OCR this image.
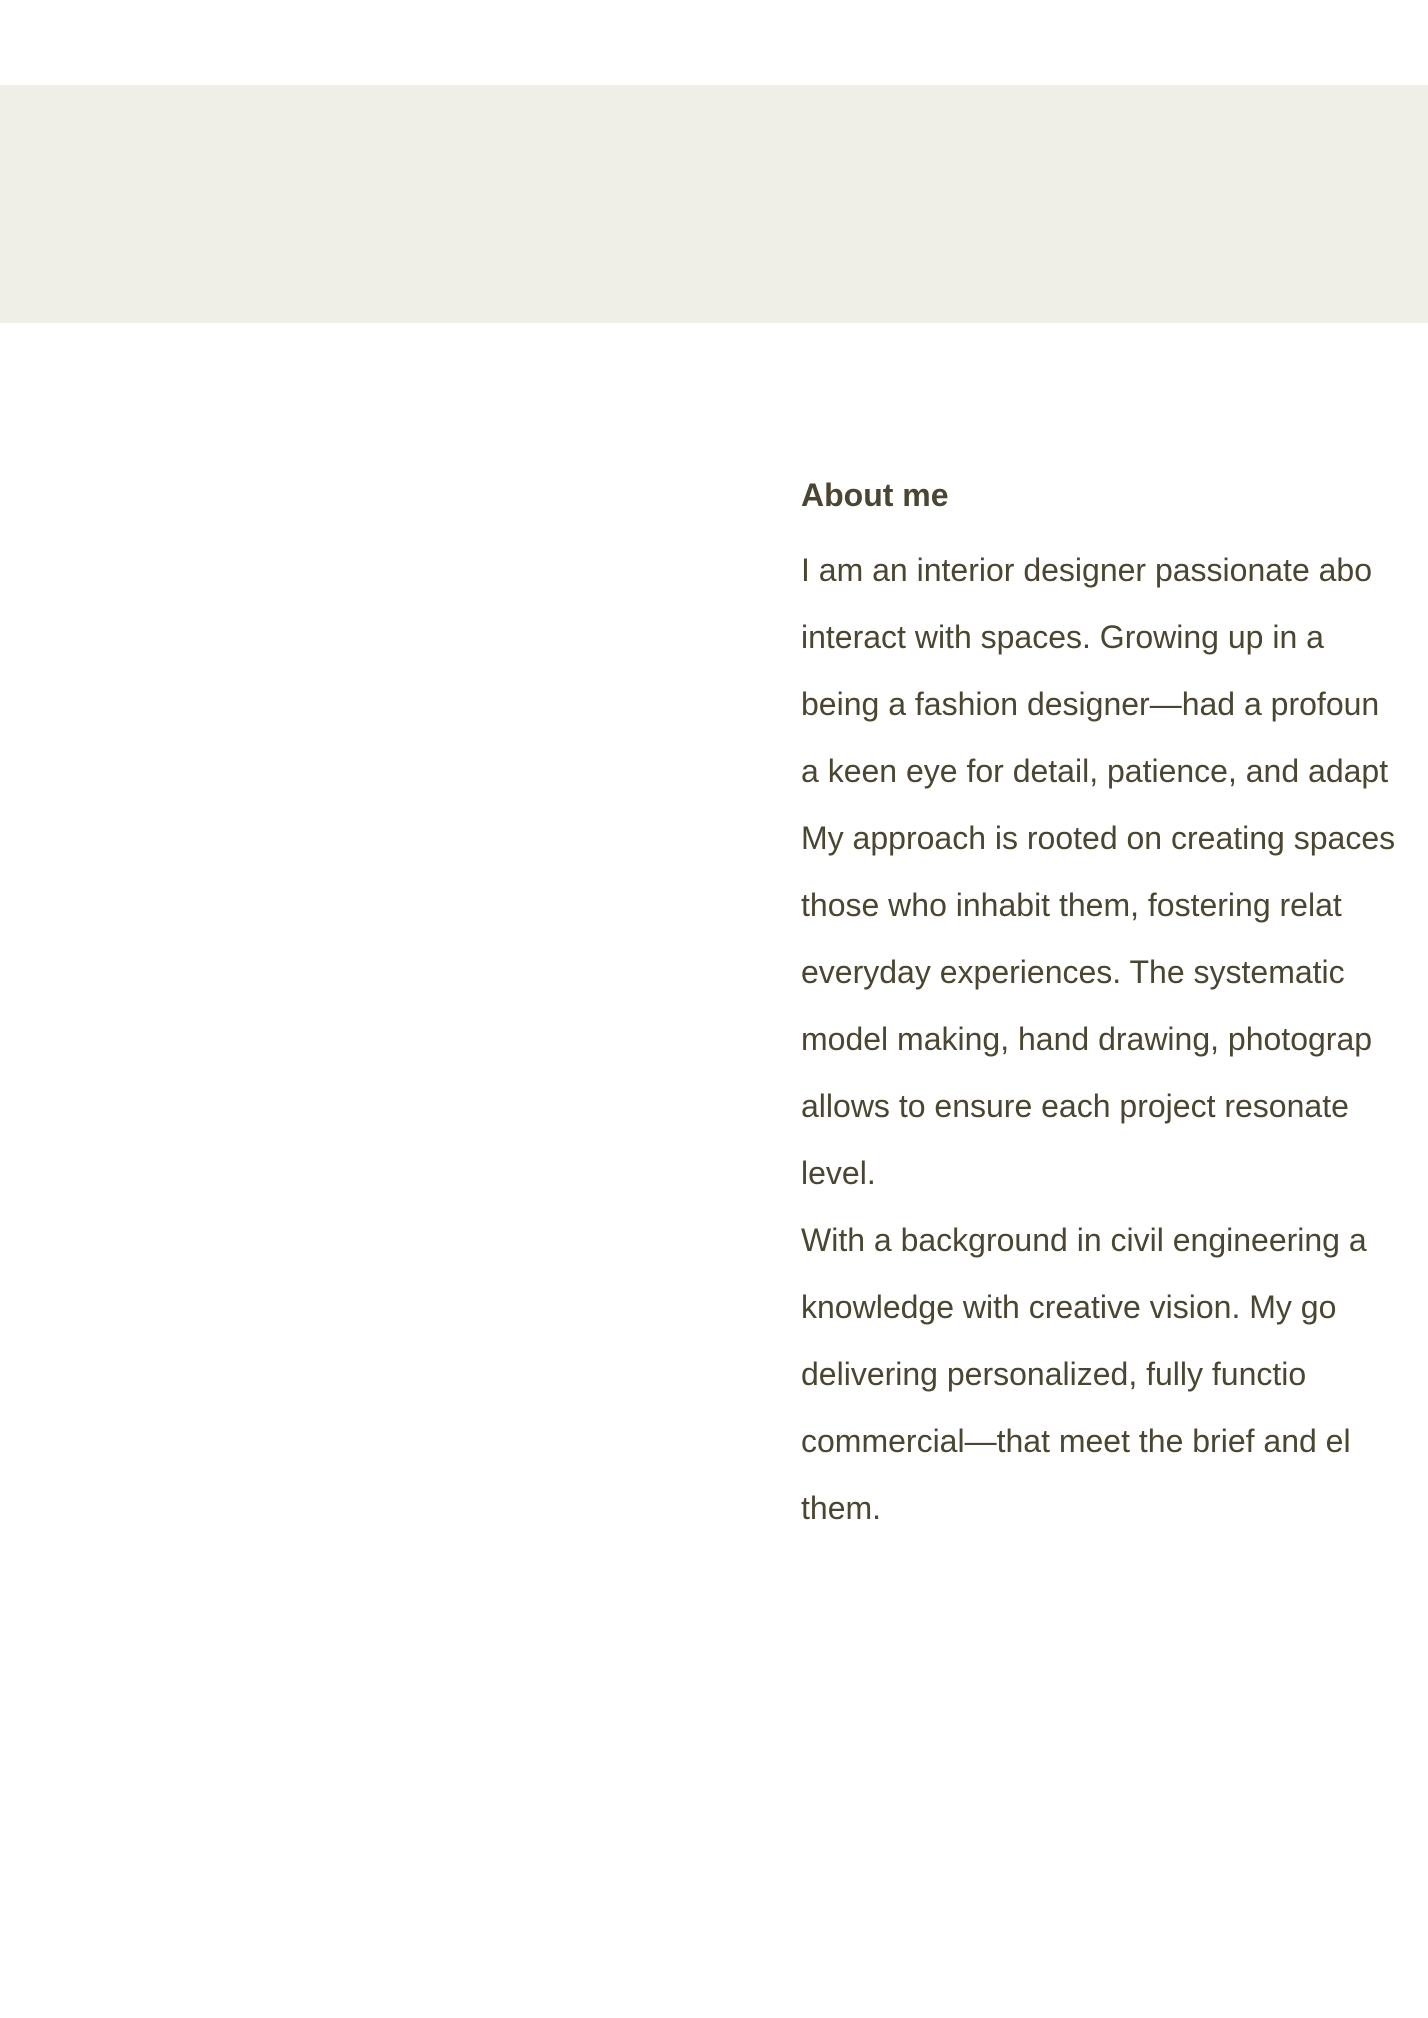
About me
I am an interior designer passionate abo
interact with spaces. Growing up in a
being a fashion designer—had a profoun
a keen eye for detail, patience, and adapt
My approach is rooted on creating spaces
those who inhabit them, fostering relat
everyday experiences. The systematic
model making, hand drawing, photograp
allows to ensure each project resonate
level.
With a background in civil engineering a
knowledge with creative vision. My go
delivering personalized, fully functio
commercial—that meet the brief and el
them.
